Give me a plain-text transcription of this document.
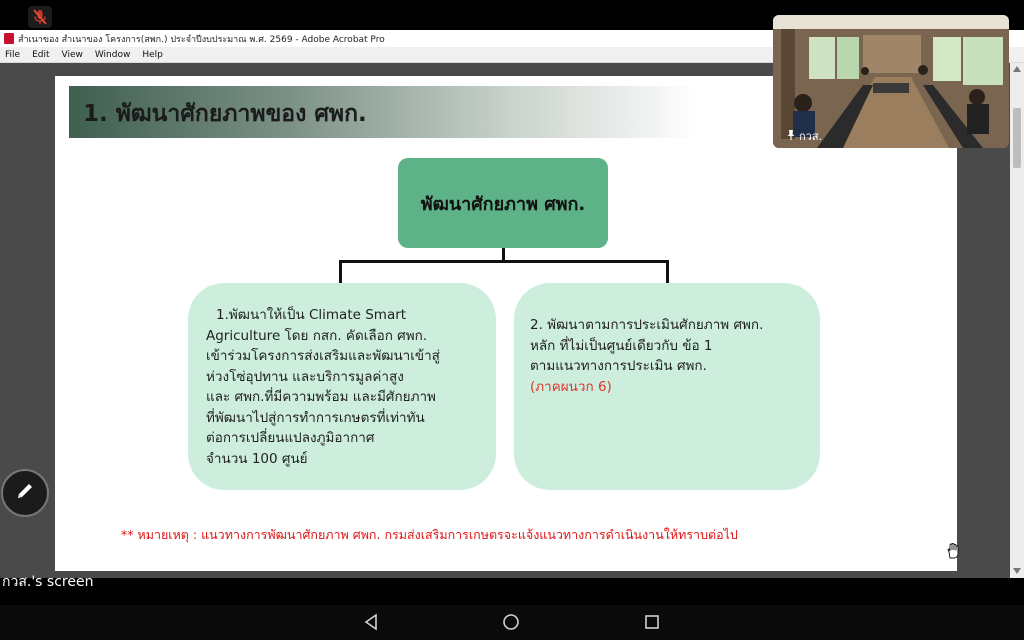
สำเนาของ สำเนาของ โครงการ(สพก.) ประจำปีงบประมาณ พ.ศ. 2569 - Adobe Acrobat Pro
File Edit View Window Help
1. พัฒนาศักยภาพของ ศพก.
พัฒนาศักยภาพ ศพก.
1.พัฒนาให้เป็น Climate Smart
Agriculture โดย กสก. คัดเลือก ศพก.
เข้าร่วมโครงการส่งเสริมและพัฒนาเข้าสู่
ห่วงโซ่อุปทาน และบริการมูลค่าสูง
และ ศพก.ที่มีความพร้อม และมีศักยภาพ
ที่พัฒนาไปสู่การทำการเกษตรที่เท่าทัน
ต่อการเปลี่ยนแปลงภูมิอากาศ
จำนวน 100 ศูนย์
2. พัฒนาตามการประเมินศักยภาพ ศพก.
หลัก ที่ไม่เป็นศูนย์เดียวกับ ข้อ 1
ตามแนวทางการประเมิน ศพก.
(ภาคผนวก 6)
** หมายเหตุ : แนวทางการพัฒนาศักยภาพ ศพก. กรมส่งเสริมการเกษตรจะแจ้งแนวทางการดำเนินงานให้ทราบต่อไป
กวส.
กวส.'s screen
